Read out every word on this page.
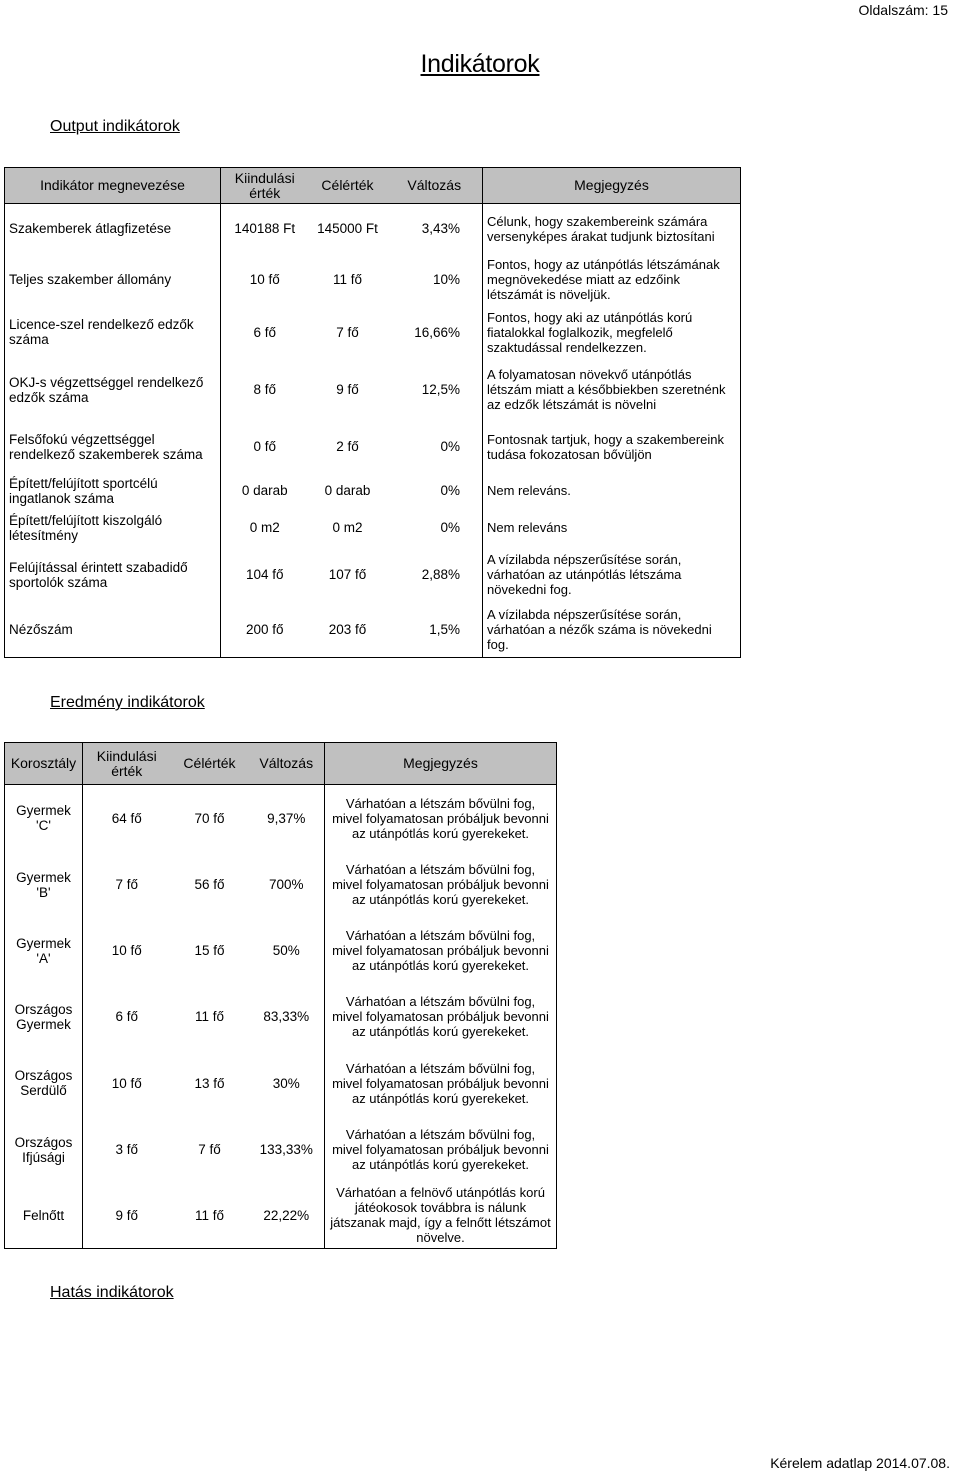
Oldalszám: 15
Indikátorok
Output indikátorok
Indikátor megnevezése	Kiindulási érték	Célérték	Változás	Megjegyzés
Szakemberek átlagfizetése	140188 Ft	145000 Ft	3,43%	Célunk, hogy szakembereink számára versenyképes árakat tudjunk biztosítani
Teljes szakember állomány	10 fő	11 fő	10%	Fontos, hogy az utánpótlás létszámának megnövekedése miatt az edzőink létszámát is növeljük.
Licence-szel rendelkező edzők száma	6 fő	7 fő	16,66%	Fontos, hogy aki az utánpótlás korú fiatalokkal foglalkozik, megfelelő szaktudással rendelkezzen.
OKJ-s végzettséggel rendelkező edzők száma	8 fő	9 fő	12,5%	A folyamatosan növekvő utánpótlás létszám miatt a későbbiekben szeretnénk az edzők létszámát is növelni
Felsőfokú végzettséggel rendelkező szakemberek száma	0 fő	2 fő	0%	Fontosnak tartjuk, hogy a szakembereink tudása fokozatosan bővüljön
Épített/felújított sportcélú ingatlanok száma	0 darab	0 darab	0%	Nem releváns.
Épített/felújított kiszolgáló létesítmény	0 m2	0 m2	0%	Nem releváns
Felújítással érintett szabadidő sportolók száma	104 fő	107 fő	2,88%	A vízilabda népszerűsítése során, várhatóan az utánpótlás létszáma növekedni fog.
Nézőszám	200 fő	203 fő	1,5%	A vízilabda népszerűsítése során, várhatóan a nézők száma is növekedni fog.
Eredmény indikátorok
Korosztály	Kiindulási érték	Célérték	Változás	Megjegyzés
Gyermek 'C'	64 fő	70 fő	9,37%	Várhatóan a létszám bővülni fog, mivel folyamatosan próbáljuk bevonni az utánpótlás korú gyerekeket.
Gyermek 'B'	7 fő	56 fő	700%	Várhatóan a létszám bővülni fog, mivel folyamatosan próbáljuk bevonni az utánpótlás korú gyerekeket.
Gyermek 'A'	10 fő	15 fő	50%	Várhatóan a létszám bővülni fog, mivel folyamatosan próbáljuk bevonni az utánpótlás korú gyerekeket.
Országos Gyermek	6 fő	11 fő	83,33%	Várhatóan a létszám bővülni fog, mivel folyamatosan próbáljuk bevonni az utánpótlás korú gyerekeket.
Országos Serdülő	10 fő	13 fő	30%	Várhatóan a létszám bővülni fog, mivel folyamatosan próbáljuk bevonni az utánpótlás korú gyerekeket.
Országos Ifjúsági	3 fő	7 fő	133,33%	Várhatóan a létszám bővülni fog, mivel folyamatosan próbáljuk bevonni az utánpótlás korú gyerekeket.
Felnőtt	9 fő	11 fő	22,22%	Várhatóan a felnövő utánpótlás korú játéokosok továbbra is nálunk játszanak majd, így a felnőtt létszámot növelve.
Hatás indikátorok
Kérelem adatlap 2014.07.08.
